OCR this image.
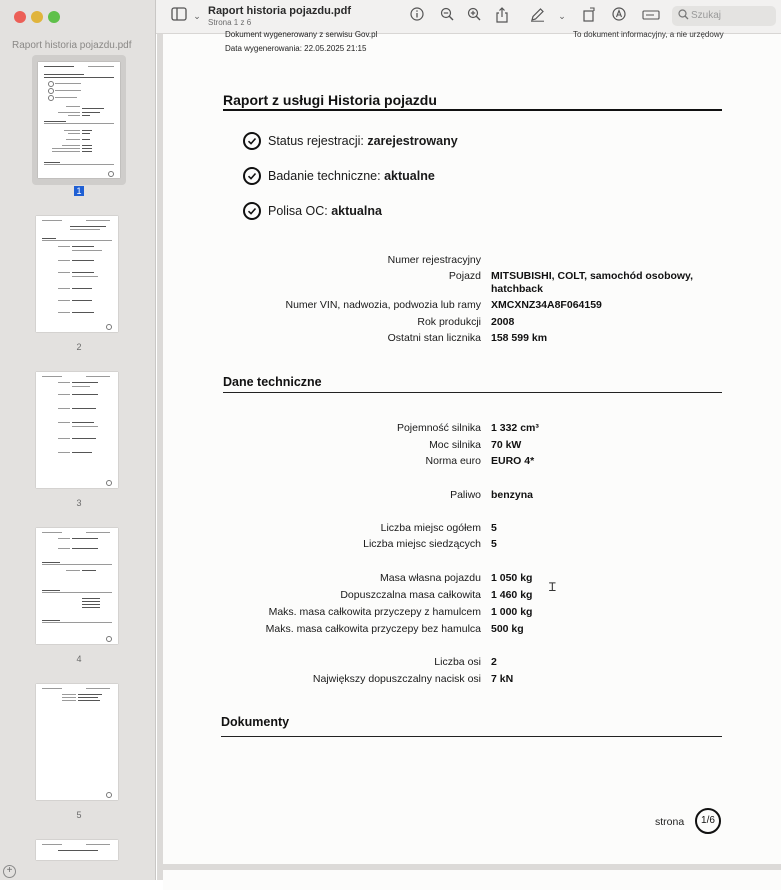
Raport historia pojazdu.pdf
1
2
3
4
5
+
⌄ Raport historia pojazdu.pdf
Strona 1 z 6
⌄	Szukaj
Dokument wygenerowany z serwisu Gov.pl
Data wygenerowania: 22.05.2025 21:15
To dokument informacyjny, a nie urzędowy
Raport z usługi Historia pojazdu
Status rejestracji: zarejestrowany
Badanie techniczne: aktualne
Polisa OC: aktualna
Numer rejestracyjny
Pojazd MITSUBISHI, COLT, samochód osobowy,
hatchback
Numer VIN, nadwozia, podwozia lub ramy XMCXNZ34A8F064159
Rok produkcji 2008
Ostatni stan licznika 158 599 km
Dane techniczne
Pojemność silnika 1 332 cm³
Moc silnika 70 kW
Norma euro EURO 4*
Paliwo benzyna
Liczba miejsc ogółem 5
Liczba miejsc siedzących 5
Masa własna pojazdu 1 050 kg
Dopuszczalna masa całkowita 1 460 kg
Maks. masa całkowita przyczepy z hamulcem 1 000 kg
Maks. masa całkowita przyczepy bez hamulca 500 kg
Liczba osi 2
Największy dopuszczalny nacisk osi 7 kN
Dokumenty
Ɪ
strona	1/6
